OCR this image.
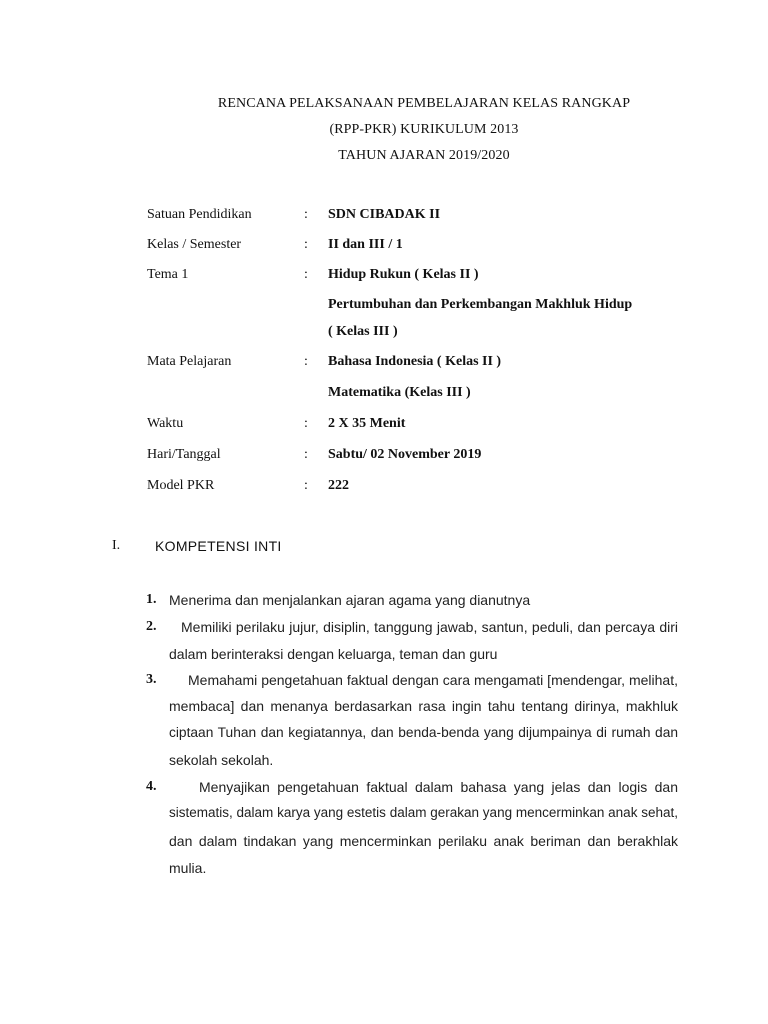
RENCANA PELAKSANAAN PEMBELAJARAN KELAS RANGKAP
(RPP-PKR) KURIKULUM 2013
TAHUN AJARAN 2019/2020
Satuan Pendidikan	: SDN CIBADAK II
Kelas / Semester	: II dan III / 1
Tema 1	: Hidup Rukun ( Kelas II )
Pertumbuhan dan Perkembangan Makhluk Hidup
( Kelas III )
Mata Pelajaran	: Bahasa Indonesia ( Kelas II )
Matematika (Kelas III )
Waktu	: 2 X 35 Menit
Hari/Tanggal	: Sabtu/ 02 November 2019
Model PKR	: 222
I. KOMPETENSI INTI
1. Menerima dan menjalankan ajaran agama yang dianutnya
2. Memiliki perilaku jujur, disiplin, tanggung jawab, santun, peduli, dan percaya diri
dalam berinteraksi dengan keluarga, teman dan guru
3. Memahami pengetahuan faktual dengan cara mengamati [mendengar, melihat,
membaca] dan menanya berdasarkan rasa ingin tahu tentang dirinya, makhluk
ciptaan Tuhan dan kegiatannya, dan benda-benda yang dijumpainya di rumah dan
sekolah sekolah.
4.	Menyajikan pengetahuan faktual dalam bahasa yang jelas dan logis dan
sistematis, dalam karya yang estetis dalam gerakan yang mencerminkan anak sehat,
dan dalam tindakan yang mencerminkan perilaku anak beriman dan berakhlak
mulia.
